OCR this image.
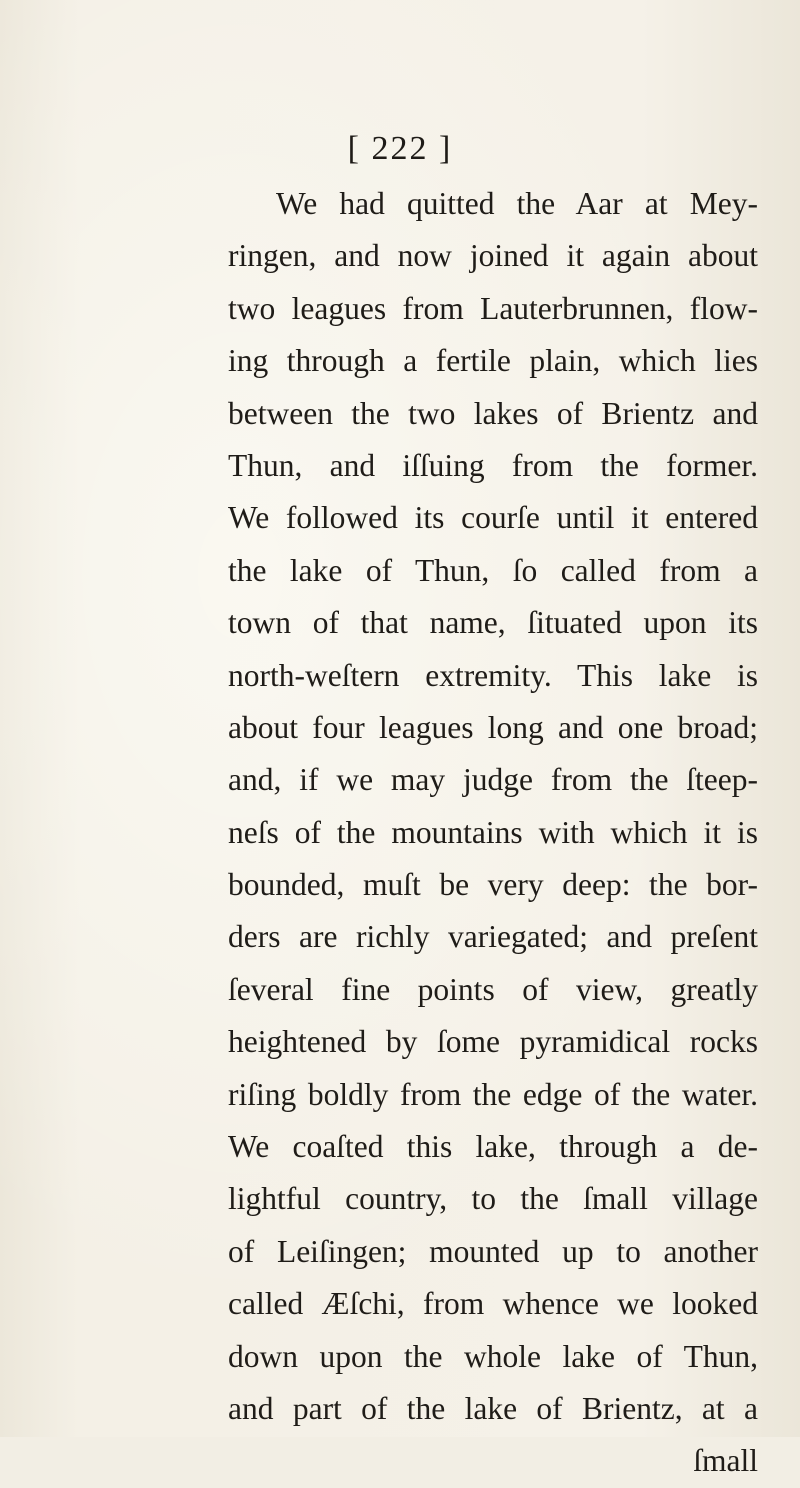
[ 222 ]
We had quitted the Aar at Mey-
ringen, and now joined it again about
two leagues from Lauterbrunnen, flow-
ing through a fertile plain, which lies
between the two lakes of Brientz and
Thun, and iſſuing from the former.
We followed its courſe until it entered
the lake of Thun, ſo called from a
town of that name, ſituated upon its
north-weſtern extremity. This lake is
about four leagues long and one broad;
and, if we may judge from the ſteep-
neſs of the mountains with which it is
bounded, muſt be very deep: the bor-
ders are richly variegated; and preſent
ſeveral fine points of view, greatly
heightened by ſome pyramidical rocks
riſing boldly from the edge of the water.
We coaſted this lake, through a de-
lightful country, to the ſmall village
of Leiſingen; mounted up to another
called Æſchi, from whence we looked
down upon the whole lake of Thun,
and part of the lake of Brientz, at a
ſmall
